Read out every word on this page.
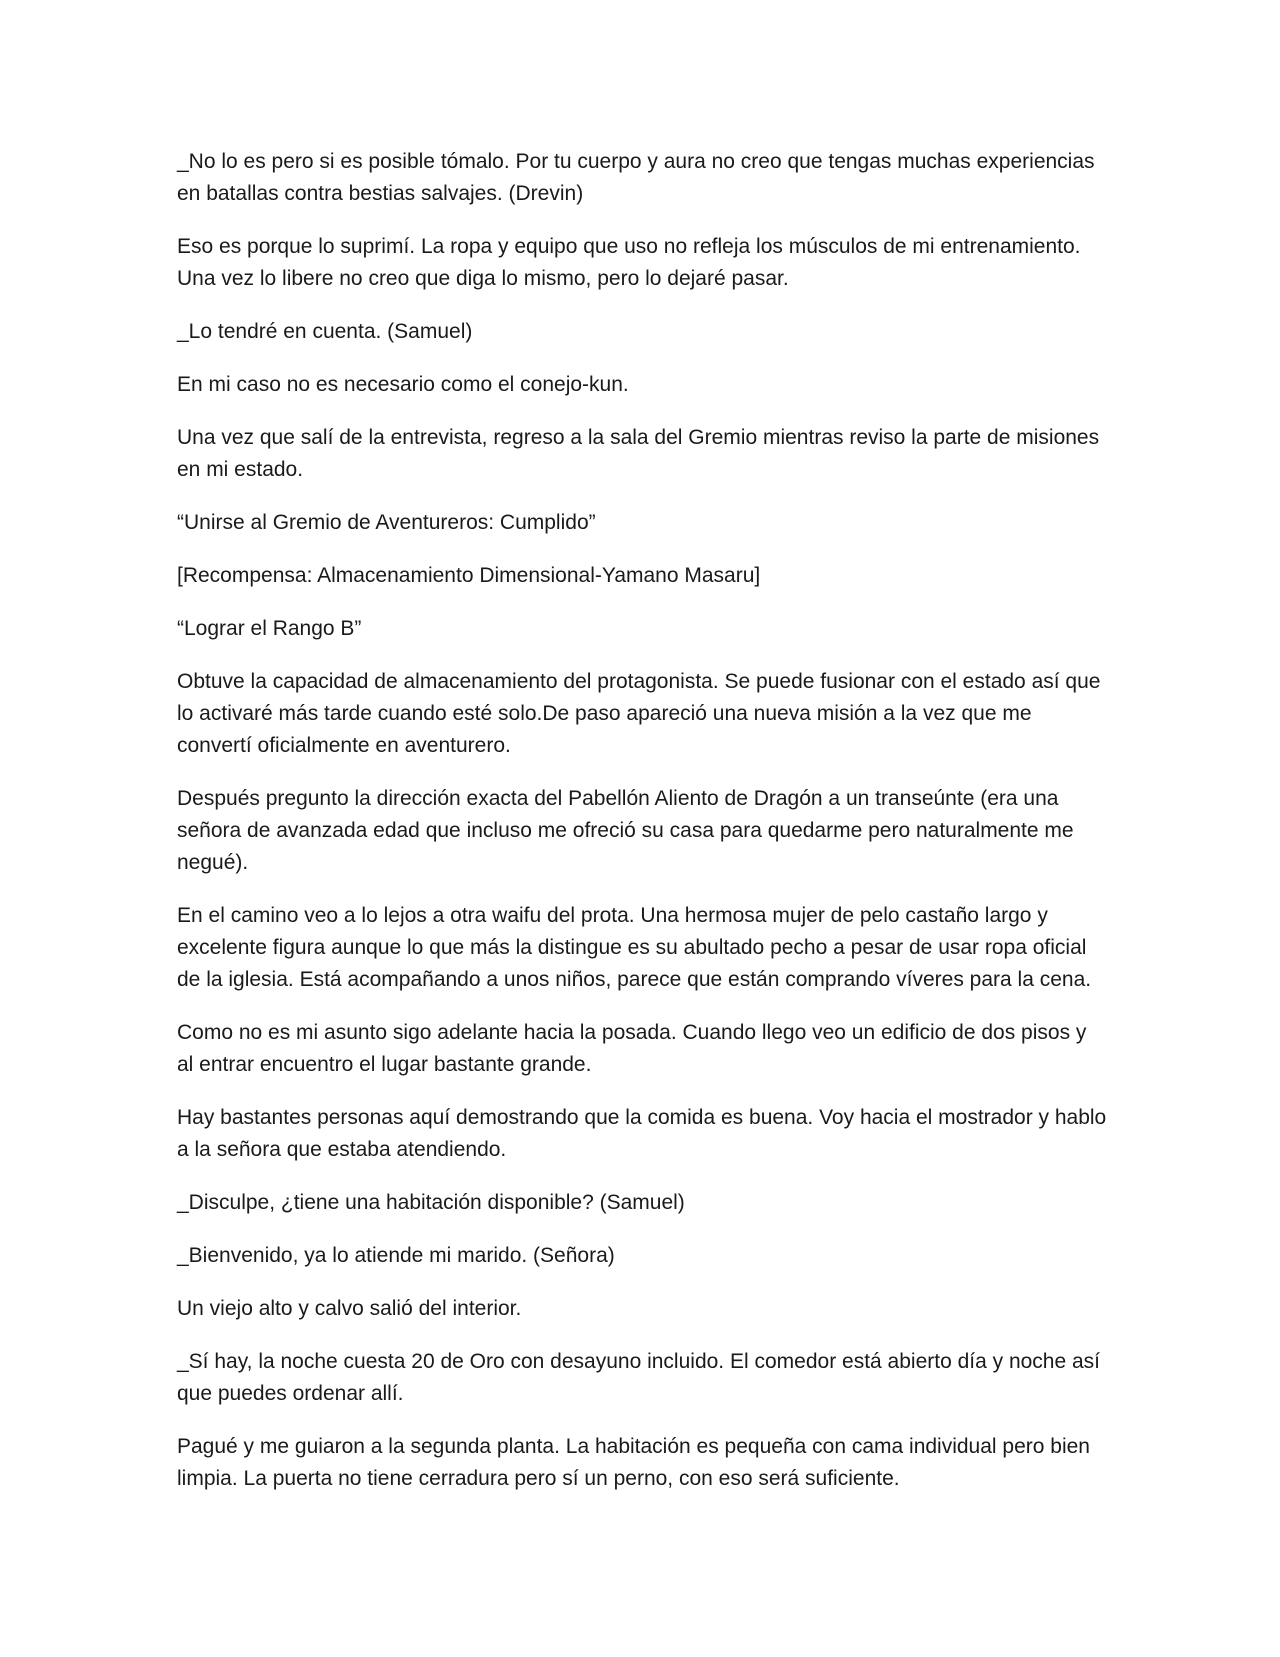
_No lo es pero si es posible tómalo. Por tu cuerpo y aura no creo que tengas muchas experiencias en batallas contra bestias salvajes. (Drevin)

Eso es porque lo suprimí. La ropa y equipo que uso no refleja los músculos de mi entrenamiento. Una vez lo libere no creo que diga lo mismo, pero lo dejaré pasar.

_Lo tendré en cuenta. (Samuel)

En mi caso no es necesario como el conejo-kun.

Una vez que salí de la entrevista, regreso a la sala del Gremio mientras reviso la parte de misiones en mi estado.

“Unirse al Gremio de Aventureros: Cumplido”

[Recompensa: Almacenamiento Dimensional-Yamano Masaru]

“Lograr el Rango B”

Obtuve la capacidad de almacenamiento del protagonista. Se puede fusionar con el estado así que lo activaré más tarde cuando esté solo.De paso apareció una nueva misión a la vez que me convertí oficialmente en aventurero.

Después pregunto la dirección exacta del Pabellón Aliento de Dragón a un transeúnte (era una señora de avanzada edad que incluso me ofreció su casa para quedarme pero naturalmente me negué).

En el camino veo a lo lejos a otra waifu del prota. Una hermosa mujer de pelo castaño largo y excelente figura aunque lo que más la distingue es su abultado pecho a pesar de usar ropa oficial de la iglesia. Está acompañando a unos niños, parece que están comprando víveres para la cena.

Como no es mi asunto sigo adelante hacia la posada. Cuando llego veo un edificio de dos pisos y al entrar encuentro el lugar bastante grande.

Hay bastantes personas aquí demostrando que la comida es buena. Voy hacia el mostrador y hablo a la señora que estaba atendiendo.

_Disculpe, ¿tiene una habitación disponible? (Samuel)

_Bienvenido, ya lo atiende mi marido. (Señora)

Un viejo alto y calvo salió del interior.

_Sí hay, la noche cuesta 20 de Oro con desayuno incluido. El comedor está abierto día y noche así que puedes ordenar allí.

Pagué y me guiaron a la segunda planta. La habitación es pequeña con cama individual pero bien limpia. La puerta no tiene cerradura pero sí un perno, con eso será suficiente.
